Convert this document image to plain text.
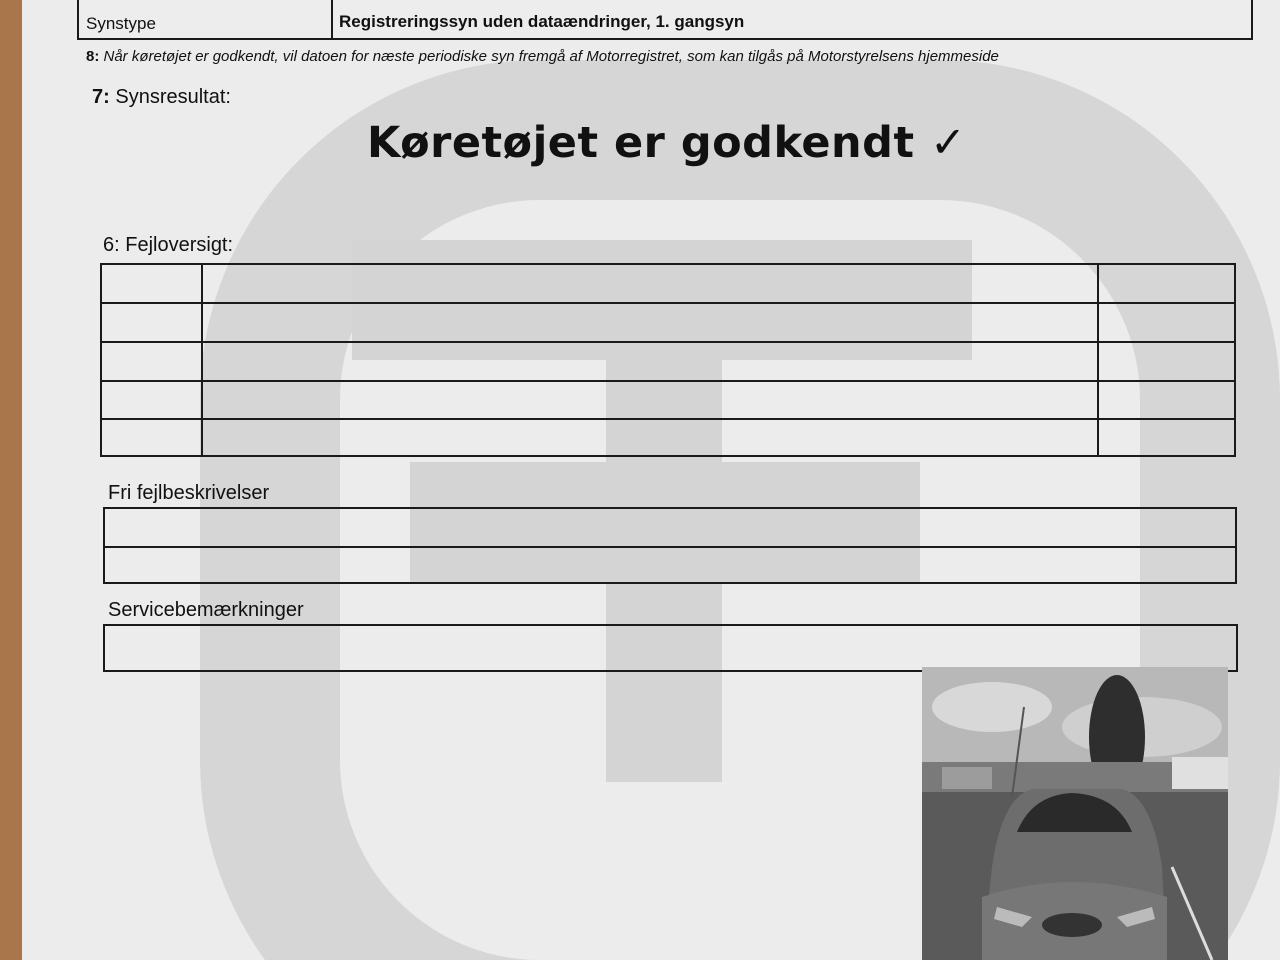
Synstype	Registreringssyn uden dataændringer, 1. gangsyn
8: Når køretøjet er godkendt, vil datoen for næste periodiske syn fremgå af Motorregistret, som kan tilgås på Motorstyrelsens hjemmeside
7: Synsresultat:
Køretøjet er godkendt ✓
6: Fejloversigt:
Fri fejlbeskrivelser
Servicebemærkninger
